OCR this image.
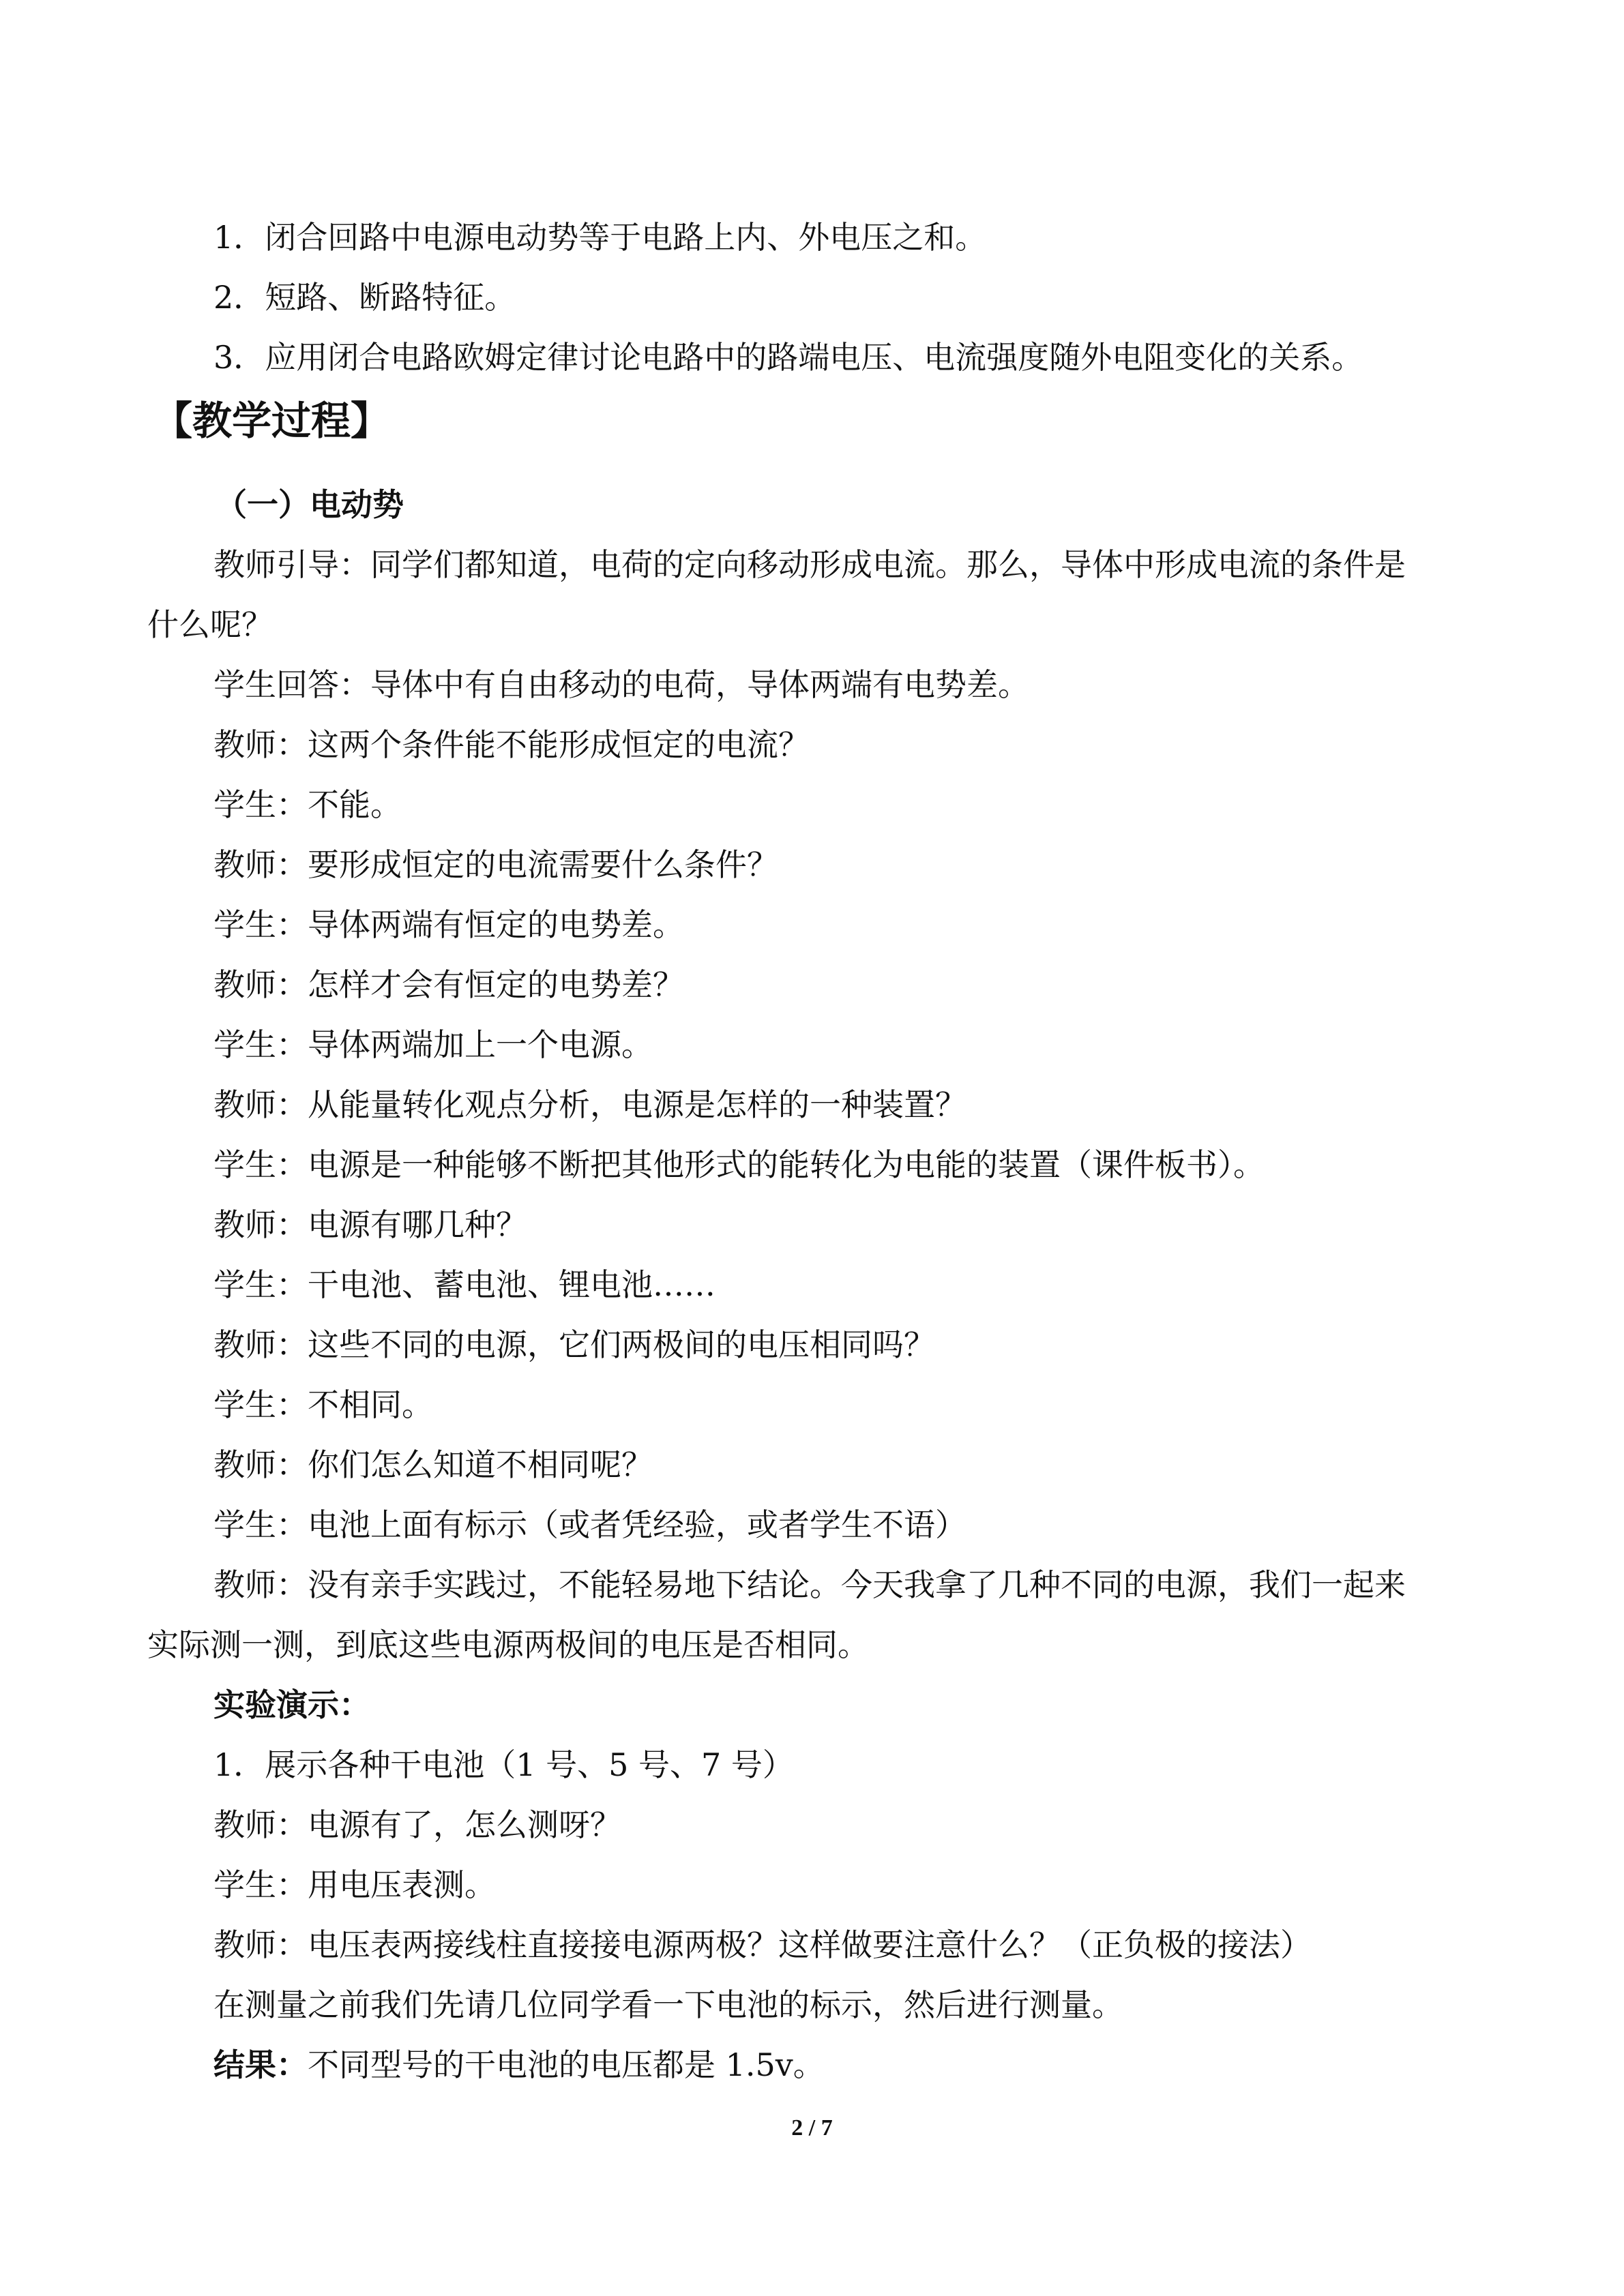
1．闭合回路中电源电动势等于电路上内、外电压之和。
2．短路、断路特征。
3．应用闭合电路欧姆定律讨论电路中的路端电压、电流强度随外电阻变化的关系。
【教学过程】
（一）电动势
教师引导：同学们都知道，电荷的定向移动形成电流。那么，导体中形成电流的条件是
什么呢？
学生回答：导体中有自由移动的电荷，导体两端有电势差。
教师：这两个条件能不能形成恒定的电流？
学生：不能。
教师：要形成恒定的电流需要什么条件？
学生：导体两端有恒定的电势差。
教师：怎样才会有恒定的电势差？
学生：导体两端加上一个电源。
教师：从能量转化观点分析，电源是怎样的一种装置？
学生：电源是一种能够不断把其他形式的能转化为电能的装置（课件板书）。
教师：电源有哪几种？
学生：干电池、蓄电池、锂电池……
教师：这些不同的电源，它们两极间的电压相同吗？
学生：不相同。
教师：你们怎么知道不相同呢？
学生：电池上面有标示（或者凭经验，或者学生不语）
教师：没有亲手实践过，不能轻易地下结论。今天我拿了几种不同的电源，我们一起来
实际测一测，到底这些电源两极间的电压是否相同。
实验演示：
1．展示各种干电池（1 号、5 号、7 号）
教师：电源有了，怎么测呀？
学生：用电压表测。
教师：电压表两接线柱直接接电源两极？这样做要注意什么？（正负极的接法）
在测量之前我们先请几位同学看一下电池的标示，然后进行测量。
结果：不同型号的干电池的电压都是 1.5v。
2 / 7
